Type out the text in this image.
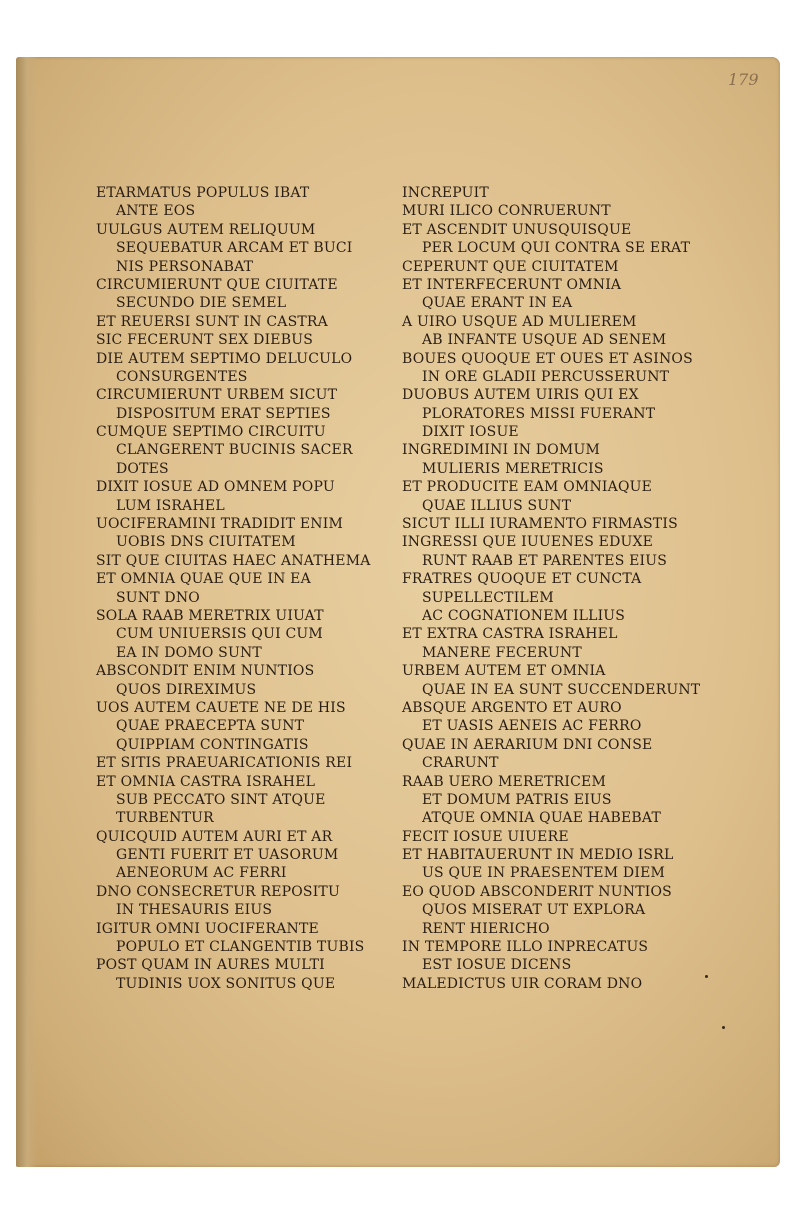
179
ETARMATUS POPULUS IBAT
ANTE EOS
UULGUS AUTEM RELIQUUM
SEQUEBATUR ARCAM ET BUCI
NIS PERSONABAT
CIRCUMIERUNT QUE CIUITATE
SECUNDO DIE SEMEL
ET REUERSI SUNT IN CASTRA
SIC FECERUNT SEX DIEBUS
DIE AUTEM SEPTIMO DELUCULO
CONSURGENTES
CIRCUMIERUNT URBEM SICUT
DISPOSITUM ERAT SEPTIES
CUMQUE SEPTIMO CIRCUITU
CLANGERENT BUCINIS SACER
DOTES
DIXIT IOSUE AD OMNEM POPU
LUM ISRAHEL
UOCIFERAMINI TRADIDIT ENIM
UOBIS DNS CIUITATEM
SIT QUE CIUITAS HAEC ANATHEMA
ET OMNIA QUAE QUE IN EA
SUNT DNO
SOLA RAAB MERETRIX UIUAT
CUM UNIUERSIS QUI CUM
EA IN DOMO SUNT
ABSCONDIT ENIM NUNTIOS
QUOS DIREXIMUS
UOS AUTEM CAUETE NE DE HIS
QUAE PRAECEPTA SUNT
QUIPPIAM CONTINGATIS
ET SITIS PRAEUARICATIONIS REI
ET OMNIA CASTRA ISRAHEL
SUB PECCATO SINT ATQUE
TURBENTUR
QUICQUID AUTEM AURI ET AR
GENTI FUERIT ET UASORUM
AENEORUM AC FERRI
DNO CONSECRETUR REPOSITU
IN THESAURIS EIUS
IGITUR OMNI UOCIFERANTE
POPULO ET CLANGENTIB TUBIS
POST QUAM IN AURES MULTI
TUDINIS UOX SONITUS QUE
INCREPUIT
MURI ILICO CONRUERUNT
ET ASCENDIT UNUSQUISQUE
PER LOCUM QUI CONTRA SE ERAT
CEPERUNT QUE CIUITATEM
ET INTERFECERUNT OMNIA
QUAE ERANT IN EA
A UIRO USQUE AD MULIEREM
AB INFANTE USQUE AD SENEM
BOUES QUOQUE ET OUES ET ASINOS
IN ORE GLADII PERCUSSERUNT
DUOBUS AUTEM UIRIS QUI EX
PLORATORES MISSI FUERANT
DIXIT IOSUE
INGREDIMINI IN DOMUM
MULIERIS MERETRICIS
ET PRODUCITE EAM OMNIAQUE
QUAE ILLIUS SUNT
SICUT ILLI IURAMENTO FIRMASTIS
INGRESSI QUE IUUENES EDUXE
RUNT RAAB ET PARENTES EIUS
FRATRES QUOQUE ET CUNCTA
SUPELLECTILEM
AC COGNATIONEM ILLIUS
ET EXTRA CASTRA ISRAHEL
MANERE FECERUNT
URBEM AUTEM ET OMNIA
QUAE IN EA SUNT SUCCENDERUNT
ABSQUE ARGENTO ET AURO
ET UASIS AENEIS AC FERRO
QUAE IN AERARIUM DNI CONSE
CRARUNT
RAAB UERO MERETRICEM
ET DOMUM PATRIS EIUS
ATQUE OMNIA QUAE HABEBAT
FECIT IOSUE UIUERE
ET HABITAUERUNT IN MEDIO ISRL
US QUE IN PRAESENTEM DIEM
EO QUOD ABSCONDERIT NUNTIOS
QUOS MISERAT UT EXPLORA
RENT HIERICHO
IN TEMPORE ILLO INPRECATUS
EST IOSUE DICENS
MALEDICTUS UIR CORAM DNO
